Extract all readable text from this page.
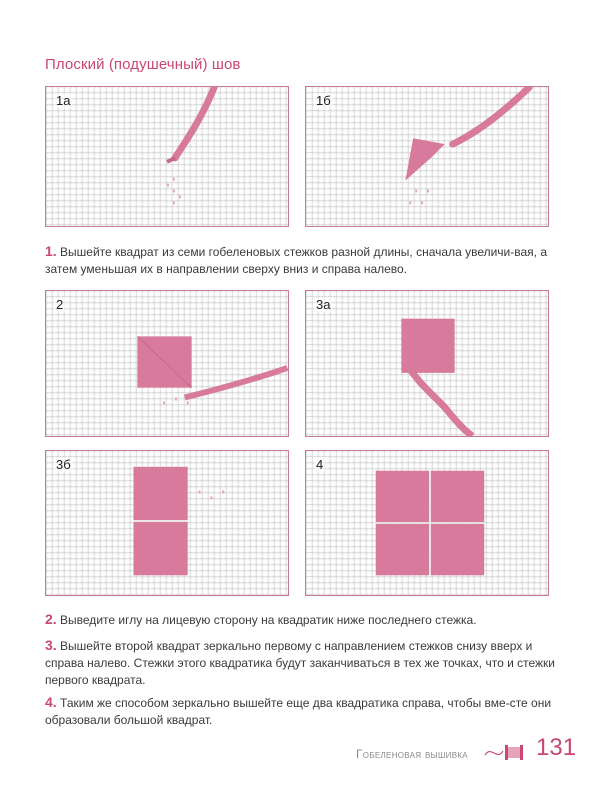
Плоский (подушечный) шов
1а	1б

1. Вышейте квадрат из семи гобеленовых стежков разной длины, сначала увеличи-вая, а затем уменьшая их в направлении сверху вниз и справа налево.

2	3а
3б	4

2. Выведите иглу на лицевую сторону на квадратик ниже последнего стежка.

3. Вышейте второй квадрат зеркально первому с направлением стежков снизу вверх и справа налево. Стежки этого квадратика будут заканчиваться в тех же точках, что и стежки первого квадрата.

4. Таким же способом зеркально вышейте еще два квадратика справа, чтобы вме-сте они образовали большой квадрат.

Гобеленовая вышивка	131
